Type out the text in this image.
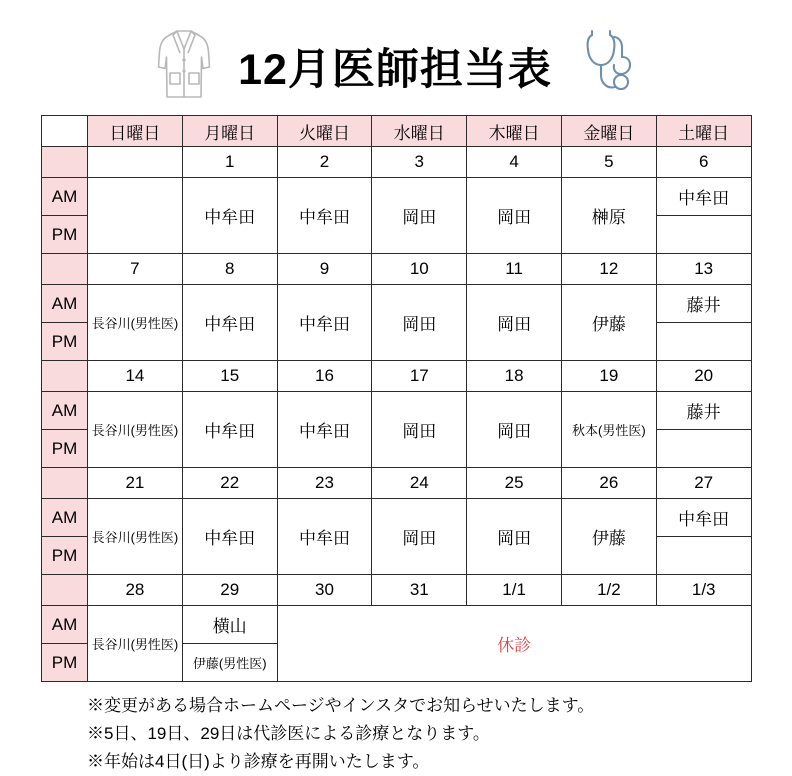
12月医師担当表
	日曜日	月曜日	火曜日	水曜日	木曜日	金曜日	土曜日
		1	2	3	4	5	6
AM		中牟田	中牟田	岡田	岡田	榊原	中牟田
PM							
	7	8	9	10	11	12	13
AM	長谷川(男性医)	中牟田	中牟田	岡田	岡田	伊藤	藤井
PM							
	14	15	16	17	18	19	20
AM	長谷川(男性医)	中牟田	中牟田	岡田	岡田	秋本(男性医)	藤井
PM							
	21	22	23	24	25	26	27
AM	長谷川(男性医)	中牟田	中牟田	岡田	岡田	伊藤	中牟田
PM							
	28	29	30	31	1/1	1/2	1/3
AM	長谷川(男性医)	横山	休診				
PM		伊藤(男性医)					
※変更がある場合ホームページやインスタでお知らせいたします。
※5日、19日、29日は代診医による診療となります。
※年始は4日(日)より診療を再開いたします。
